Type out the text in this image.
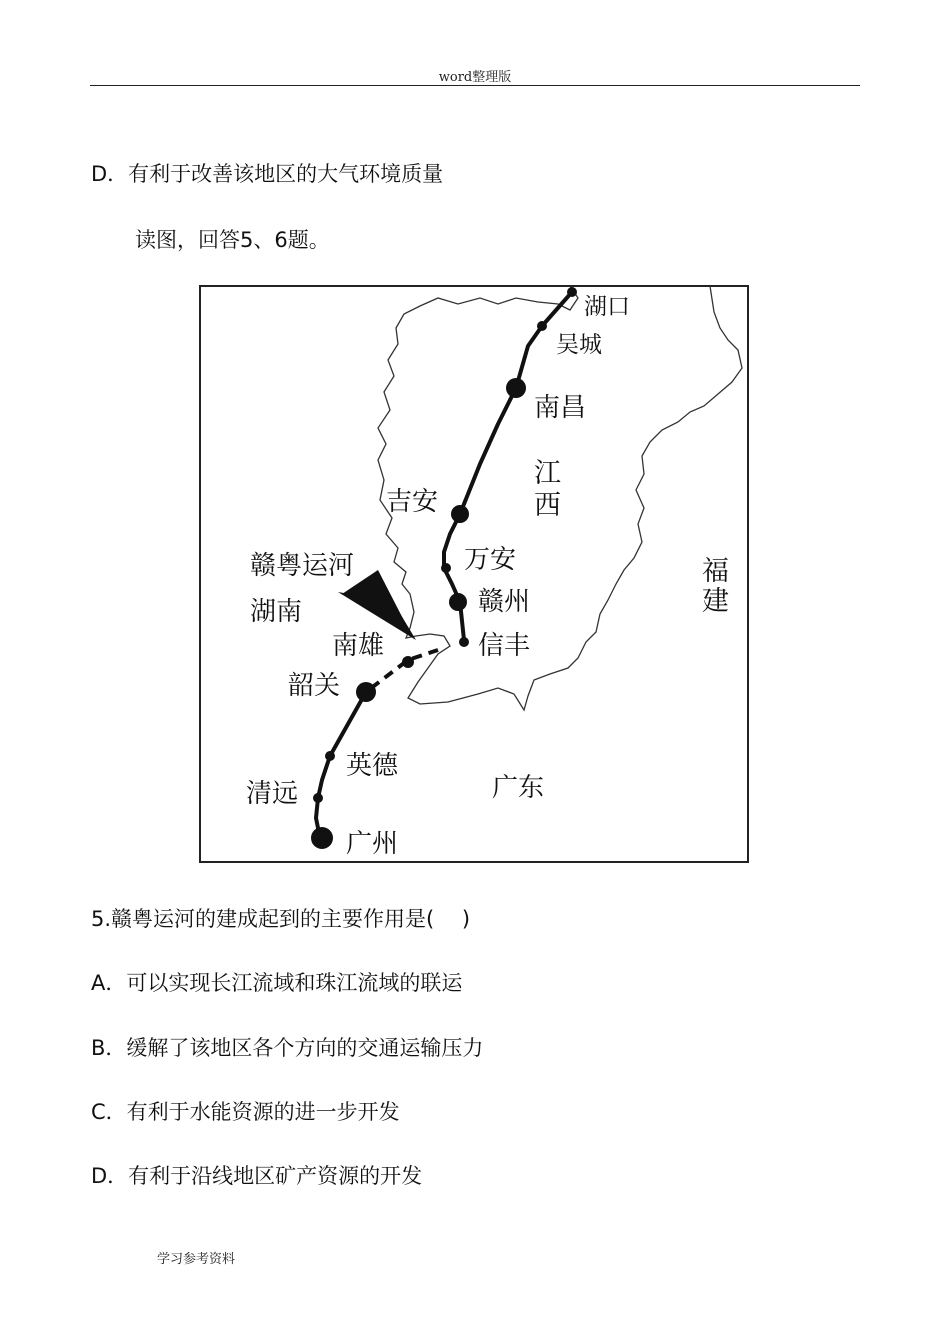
word整理版
D．有利于改善该地区的大气环境质量
读图，回答5、6题。
湖口
吴城
南昌
吉安
万安
赣州
信丰
南雄
韶关
英德
清远
广州
江
西
福
建
湖南
广东
赣粤运河
5.赣粤运河的建成起到的主要作用是(　 )
A．可以实现长江流域和珠江流域的联运
B．缓解了该地区各个方向的交通运输压力
C．有利于水能资源的进一步开发
D．有利于沿线地区矿产资源的开发
学习参考资料
